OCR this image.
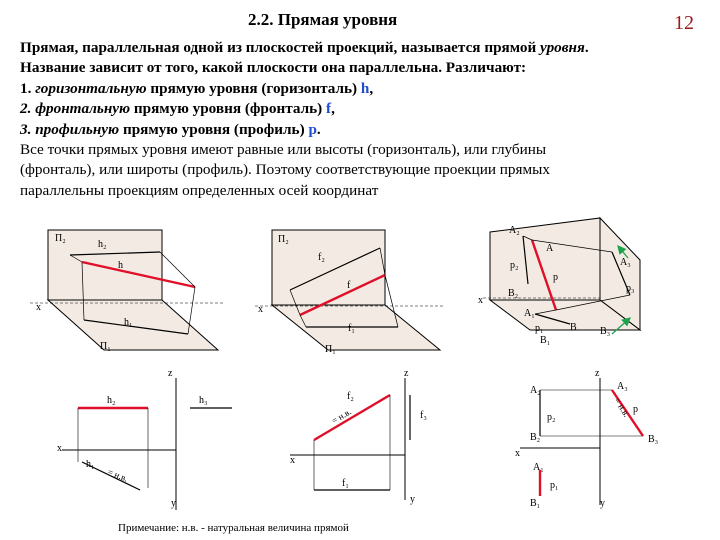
2.2. Прямая уровня	12

Прямая, параллельная одной из плоскостей проекций, называется прямой уровня.

Название зависит от того, какой плоскости она параллельна. Различают:

1. горизонтальную прямую уровня (горизонталь) h,

2. фронтальную прямую уровня (фронталь) f,

3. профильную прямую уровня (профиль) p.

Все точки прямых уровня имеют равные или высоты (горизонталь), или глубины

(фронталь), или широты (профиль). Поэтому соответствующие проекции прямых

параллельны проекциям определенных осей координат

П₂
h₂
h
x
h₁
П₁
П₂
f₂
f
x
f₁
П₁
A₂
A
p₂	A₃
p
p₃
B₂
x
A₁
p₁	B B₃
B₁
z
h₂	h₃
x
h₁
= н.в.
y
z
f₂
= н.в.	f₃
x
f₁
y
z
A₂	A₃
p
p₂	= н.в.
B₂	B₃
x
A₁
p₁
B₁	y
Примечание: н.в. - натуральная величина прямой
